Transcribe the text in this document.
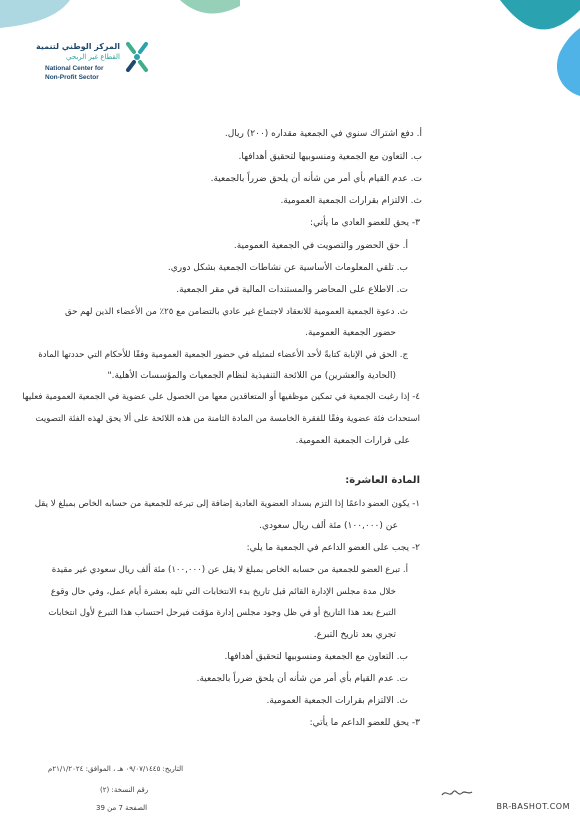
المركز الوطني لتنمية
القطاع غير الربحي
National Center for
Non-Profit Sector
أ. دفع اشتراك سنوي في الجمعية مقداره (٢٠٠) ريال.
ب. التعاون مع الجمعية ومنسوبيها لتحقيق أهدافها.
ت. عدم القيام بأي أمر من شأنه أن يلحق ضرراً بالجمعية.
ث. الالتزام بقرارات الجمعية العمومية.
٣- يحق للعضو العادي ما يأتي:
أ. حق الحضور والتصويت في الجمعية العمومية.
ب. تلقي المعلومات الأساسية عن نشاطات الجمعية بشكل دوري.
ت. الاطلاع على المحاضر والمستندات المالية في مقر الجمعية.
ث. دعوة الجمعية العمومية للانعقاد لاجتماع غير عادي بالتضامن مع ٢٥٪ من الأعضاء الذين لهم حق
حضور الجمعية العمومية.
ج. الحق في الإنابة كتابةً لأحد الأعضاء لتمثيله في حضور الجمعية العمومية وفقًا للأحكام التي حددتها المادة
(الحادية والعشرين) من اللائحة التنفيذية لنظام الجمعيات والمؤسسات الأهلية."
٤- إذا رغبت الجمعية في تمكين موظفيها أو المتعاقدين معها من الحصول على عضوية في الجمعية العمومية فعليها
استحداث فئة عضوية وفقًا للفقرة الخامسة من المادة الثامنة من هذه اللائحة على ألا يحق لهذه الفئة التصويت
على قرارات الجمعية العمومية.
المادة العاشرة:
١- يكون العضو داعمًا إذا التزم بسداد العضوية العادية إضافة إلى تبرعه للجمعية من حسابه الخاص بمبلغ لا يقل
عن (١٠٠,٠٠٠) مئة ألف ريال سعودي.
٢- يجب على العضو الداعم في الجمعية ما يلي:
أ. تبرع العضو للجمعية من حسابه الخاص بمبلغ لا يقل عن (١٠٠,٠٠٠) مئة ألف ريال سعودي غير مقيدة
خلال مدة مجلس الإدارة القائم قبل تاريخ بدء الانتخابات التي تليه بعشرة أيام عمل، وفي حال وقوع
التبرع بعد هذا التاريخ أو في ظل وجود مجلس إدارة مؤقت فيرحل احتساب هذا التبرع لأول انتخابات
تجري بعد تاريخ التبرع.
ب. التعاون مع الجمعية ومنسوبيها لتحقيق أهدافها.
ت. عدم القيام بأي أمر من شأنه أن يلحق ضرراً بالجمعية.
ث. الالتزام بقرارات الجمعية العمومية.
٣- يحق للعضو الداعم ما يأتي:
التاريخ: ٠٩/٠٧/١٤٤٥ هـ ، الموافق: ٢١/١/٢٠٢٤م
رقم النسخة: (٢)
الصفحة 7 من 39	BR-BASHOT.COM
